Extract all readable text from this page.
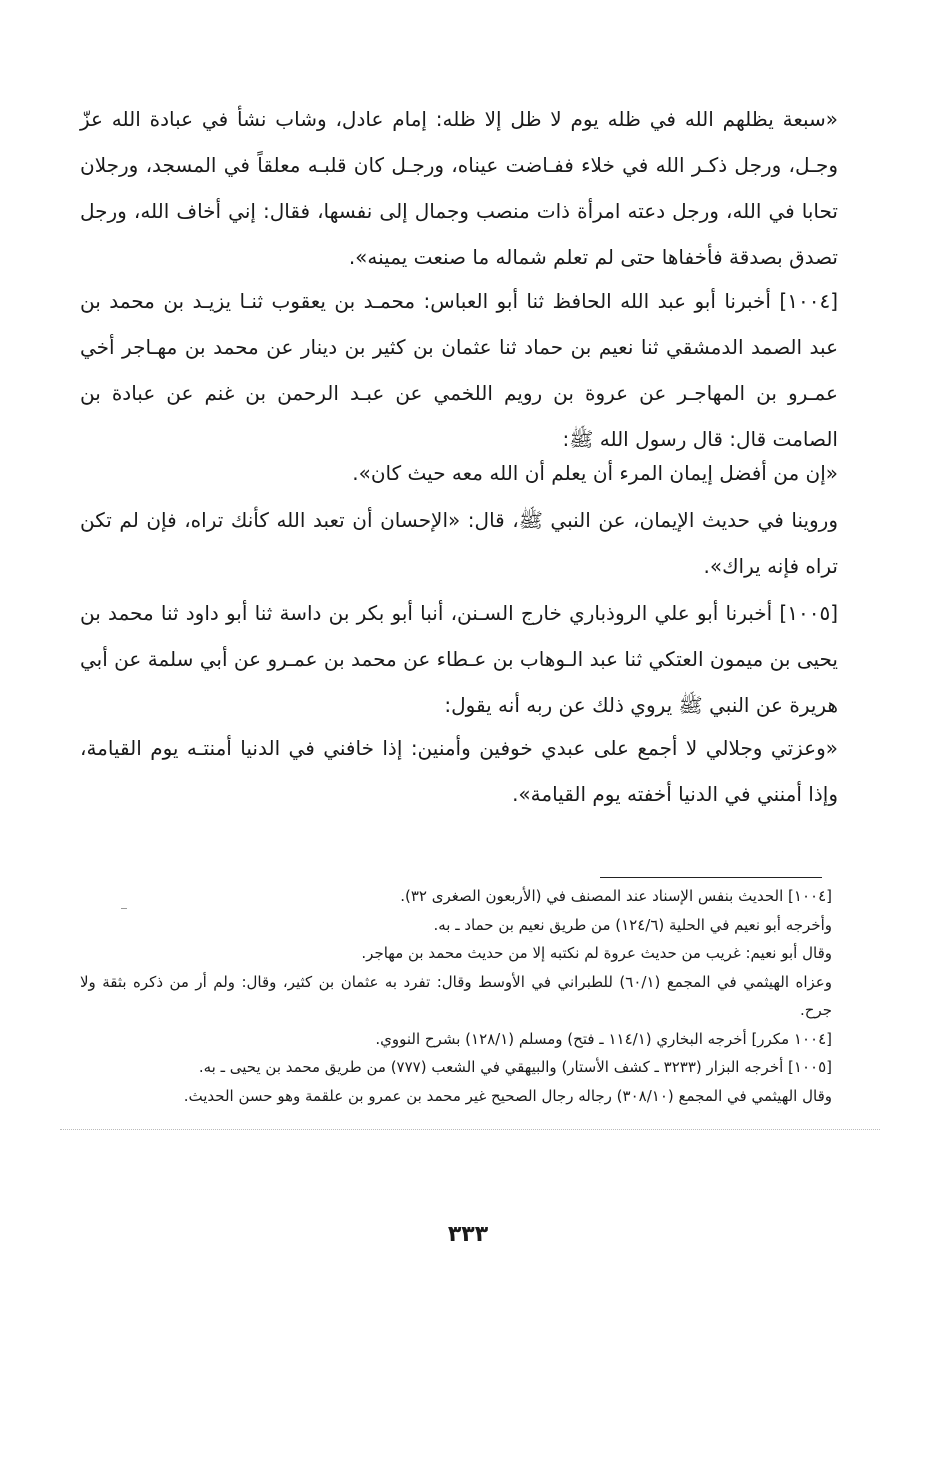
«سبعة يظلهم الله في ظله يوم لا ظل إلا ظله: إمام عادل، وشاب نشأ في عبادة الله عزّ وجـل، ورجل ذكـر الله في خلاء ففـاضت عيناه، ورجـل كان قلبـه معلقاً في المسجد، ورجلان تحابا في الله، ورجل دعته امرأة ذات منصب وجمال إلى نفسها، فقال: إني أخاف الله، ورجل تصدق بصدقة فأخفاها حتى لم تعلم شماله ما صنعت يمينه».

[١٠٠٤] أخبرنا أبو عبد الله الحافظ ثنا أبو العباس: محمـد بن يعقوب ثنـا يزيـد بن محمد بن عبد الصمد الدمشقي ثنا نعيم بن حماد ثنا عثمان بن كثير بن دينار عن محمد بن مهـاجر أخي عمـرو بن المهاجـر عن عروة بن رويم اللخمي عن عبـد الرحمن بن غنم عن عبادة بن الصامت قال: قال رسول الله ﷺ:

«إن من أفضل إيمان المرء أن يعلم أن الله معه حيث كان».

وروينا في حديث الإيمان، عن النبي ﷺ، قال: «الإحسان أن تعبد الله كأنك تراه، فإن لم تكن تراه فإنه يراك».

[١٠٠٥] أخبرنا أبو علي الروذباري خارج السـنن، أنبا أبو بكر بن داسة ثنا أبو داود ثنا محمد بن يحيى بن ميمون العتكي ثنا عبد الـوهاب بن عـطاء عن محمد بن عمـرو عن أبي سلمة عن أبي هريرة عن النبي ﷺ يروي ذلك عن ربه أنه يقول:

«وعزتي وجلالي لا أجمع على عبدي خوفين وأمنين: إذا خافني في الدنيا أمنتـه يوم القيامة، وإذا أمنني في الدنيا أخفته يوم القيامة».

[١٠٠٤] الحديث بنفس الإسناد عند المصنف في (الأربعون الصغرى ٣٢).

وأخرجه أبو نعيم في الحلية (١٢٤/٦) من طريق نعيم بن حماد ـ به.

وقال أبو نعيم: غريب من حديث عروة لم نكتبه إلا من حديث محمد بن مهاجر.

وعزاه الهيثمي في المجمع (٦٠/١) للطبراني في الأوسط وقال: تفرد به عثمان بن كثير، وقال: ولم أر من ذكره بثقة ولا جرح.

[١٠٠٤ مكرر] أخرجه البخاري (١١٤/١ ـ فتح) ومسلم (١٢٨/١) بشرح النووي.

[١٠٠٥] أخرجه البزار (٣٢٣٣ ـ كشف الأستار) والبيهقي في الشعب (٧٧٧) من طريق محمد بن يحيى ـ به.

وقال الهيثمي في المجمع (٣٠٨/١٠) رجاله رجال الصحيح غير محمد بن عمرو بن علقمة وهو حسن الحديث.

٣٣٣
